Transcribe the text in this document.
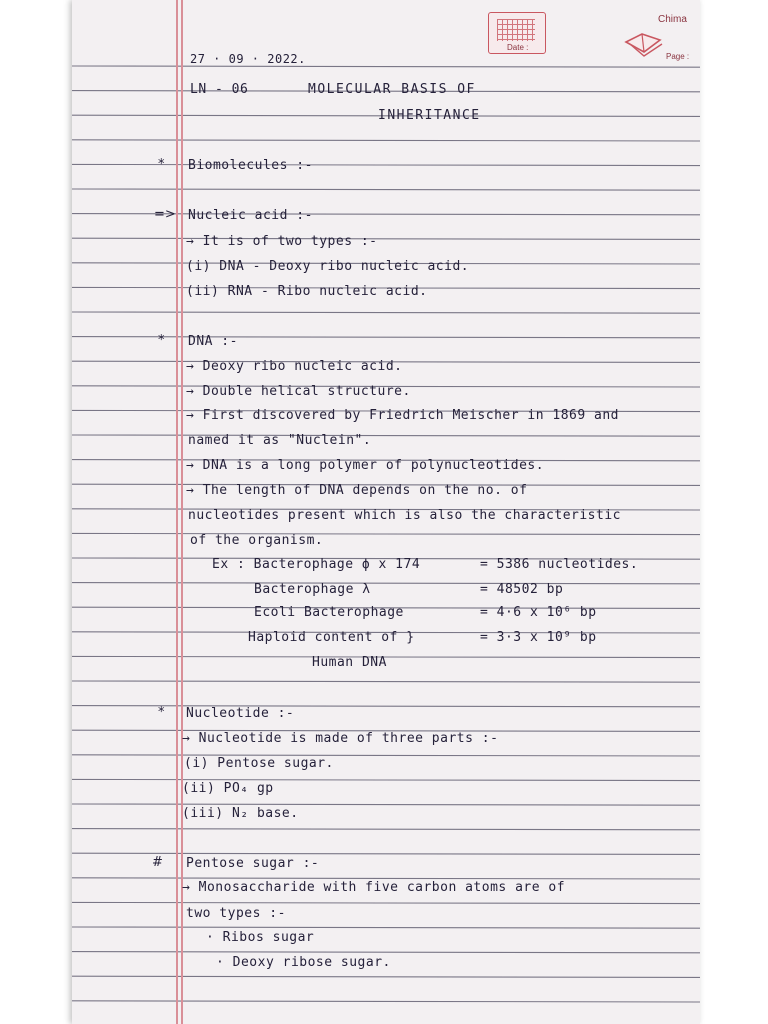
Date :
Chima
Page :
27 · 09 · 2022.
LN - 06	MOLECULAR BASIS OF
INHERITANCE
Biomolecules :-
*
Nucleic acid :-
=>
→ It is of two types :-
(i) DNA - Deoxy ribo nucleic acid.
(ii) RNA - Ribo nucleic acid.
DNA :-
*
→ Deoxy ribo nucleic acid.
→ Double helical structure.
→ First discovered by Friedrich Meischer in 1869 and
named it as "Nuclein".
→ DNA is a long polymer of polynucleotides.
→ The length of DNA depends on the no. of
nucleotides present which is also the characteristic
of the organism.
Ex : Bacterophage ϕ x 174	= 5386 nucleotides.
Bacterophage λ	= 48502 bp
Ecoli Bacterophage	= 4·6 x 10⁶ bp
Haploid content of }	= 3·3 x 10⁹ bp
Human DNA
Nucleotide :-
*
→ Nucleotide is made of three parts :-
(i) Pentose sugar.
(ii) PO₄ gp
(iii) N₂ base.
Pentose sugar :-
#
→ Monosaccharide with five carbon atoms are of
two types :-
· Ribos sugar
· Deoxy ribose sugar.
